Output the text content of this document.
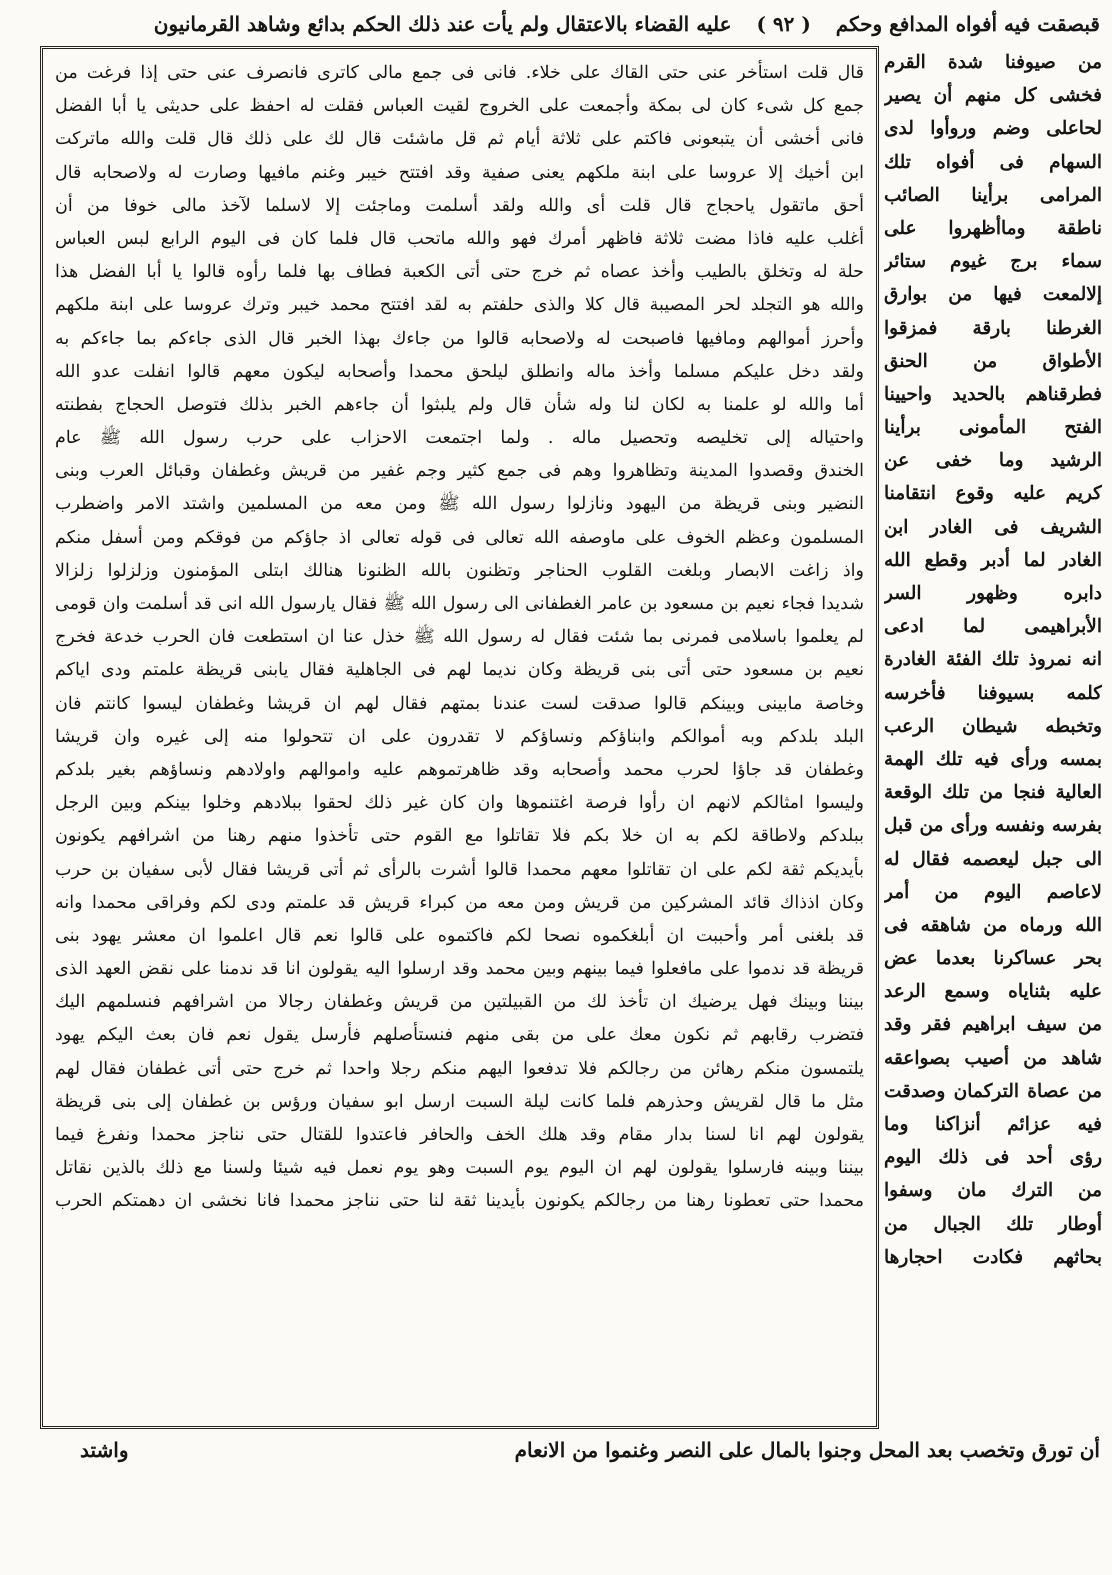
قبصقت فيه أفواه المدافع وحكم ( ٩٢ ) عليه القضاء بالاعتقال ولم يأت عند ذلك الحكم بدائع وشاهد القرمانيون
قال قلت استأخر عنى حتى القاك على خلاء. فانى فى جمع مالى كاترى فانصرف عنى حتى إذا فرغت من
جمع كل شىء كان لى بمكة وأجمعت على الخروج لقيت العباس فقلت له احفظ على حديثى يا أبا الفضل
فانى أخشى أن يتبعونى فاكتم على ثلاثة أيام ثم قل ماشئت قال لك على ذلك قال قلت والله ماتركت
ابن أخيك إلا عروسا على ابنة ملكهم يعنى صفية وقد افتتح خيبر وغنم مافيها وصارت له ولاصحابه قال
أحق ماتقول ياحجاج قال قلت أى والله ولقد أسلمت وماجئت إلا لاسلما لآخذ مالى خوفا من أن
أغلب عليه فاذا مضت ثلاثة فاظهر أمرك فهو والله ماتحب قال فلما كان فى اليوم الرابع لبس العباس
حلة له وتخلق بالطيب وأخذ عصاه ثم خرج حتى أتى الكعبة فطاف بها فلما رأوه قالوا يا أبا الفضل هذا
والله هو التجلد لحر المصيبة قال كلا والذى حلفتم به لقد افتتح محمد خيبر وترك عروسا على ابنة ملكهم
وأحرز أموالهم ومافيها فاصبحت له ولاصحابه قالوا من جاءك بهذا الخبر قال الذى جاءكم بما جاءكم به
ولقد دخل عليكم مسلما وأخذ ماله وانطلق ليلحق محمدا وأصحابه ليكون معهم قالوا انفلت عدو الله
أما والله لو علمنا به لكان لنا وله شأن قال ولم يلبثوا أن جاءهم الخبر بذلك فتوصل الحجاج بفطنته
واحتياله إلى تخليصه وتحصيل ماله . ولما اجتمعت الاحزاب على حرب رسول الله ﷺ عام
الخندق وقصدوا المدينة وتظاهروا وهم فى جمع كثير وجم غفير من قريش وغطفان وقبائل العرب وبنى
النضير وبنى قريظة من اليهود ونازلوا رسول الله ﷺ ومن معه من المسلمين واشتد الامر واضطرب
المسلمون وعظم الخوف على ماوصفه الله تعالى فى قوله تعالى اذ جاؤكم من فوقكم ومن أسفل منكم
واذ زاغت الابصار وبلغت القلوب الحناجر وتظنون بالله الظنونا هنالك ابتلى المؤمنون وزلزلوا زلزالا
شديدا فجاء نعيم بن مسعود بن عامر الغطفانى الى رسول الله ﷺ فقال يارسول الله انى قد أسلمت وان قومى
لم يعلموا باسلامى فمرنى بما شئت فقال له رسول الله ﷺ خذل عنا ان استطعت فان الحرب خدعة فخرج
نعيم بن مسعود حتى أتى بنى قريظة وكان نديما لهم فى الجاهلية فقال يابنى قريظة علمتم ودى اياكم
وخاصة مابينى وبينكم قالوا صدقت لست عندنا بمتهم فقال لهم ان قريشا وغطفان ليسوا كانتم فان
البلد بلدكم وبه أموالكم وابناؤكم ونساؤكم لا تقدرون على ان تتحولوا منه إلى غيره وان قريشا
وغطفان قد جاؤا لحرب محمد وأصحابه وقد ظاهرتموهم عليه واموالهم واولادهم ونساؤهم بغير بلدكم
وليسوا امثالكم لانهم ان رأوا فرصة اغتنموها وان كان غير ذلك لحقوا ببلادهم وخلوا بينكم وبين الرجل
ببلدكم ولاطاقة لكم به ان خلا بكم فلا تقاتلوا مع القوم حتى تأخذوا منهم رهنا من اشرافهم يكونون
بأيديكم ثقة لكم على ان تقاتلوا معهم محمدا قالوا أشرت بالرأى ثم أتى قريشا فقال لأبى سفيان بن حرب
وكان اذذاك قائد المشركين من قريش ومن معه من كبراء قريش قد علمتم ودى لكم وفراقى محمدا وانه
قد بلغنى أمر وأحببت ان أبلغكموه نصحا لكم فاكتموه على قالوا نعم قال اعلموا ان معشر يهود بنى
قريظة قد ندموا على مافعلوا فيما بينهم وبين محمد وقد ارسلوا اليه يقولون انا قد ندمنا على نقض العهد الذى
بيننا وبينك فهل يرضيك ان تأخذ لك من القبيلتين من قريش وغطفان رجالا من اشرافهم فنسلمهم اليك
فتضرب رقابهم ثم نكون معك على من بقى منهم فنستأصلهم فأرسل يقول نعم فان بعث اليكم يهود
يلتمسون منكم رهائن من رجالكم فلا تدفعوا اليهم منكم رجلا واحدا ثم خرج حتى أتى غطفان فقال لهم
مثل ما قال لقريش وحذرهم فلما كانت ليلة السبت ارسل ابو سفيان ورؤس بن غطفان إلى بنى قريظة
يقولون لهم انا لسنا بدار مقام وقد هلك الخف والحافر فاعتدوا للقتال حتى نناجز محمدا ونفرغ فيما
بيننا وبينه فارسلوا يقولون لهم ان اليوم يوم السبت وهو يوم نعمل فيه شيئا ولسنا مع ذلك بالذين نقاتل
محمدا حتى تعطونا رهنا من رجالكم يكونون بأيدينا ثقة لنا حتى نناجز محمدا فانا نخشى ان دهمتكم الحرب
من صيوفنا شدة القرم
فخشى كل منهم أن يصير
لحاعلى وضم وروأوا لدى
السهام فى أفواه تلك
المرامى برأينا الصائب
ناطقة وماأظهروا على
سماء برج غيوم ستائر
إلالمعت فيها من بوارق
الغرطنا بارقة فمزقوا
الأطواق من الحنق
فطرقناهم بالحديد واحيينا
الفتح المأمونى برأينا
الرشيد وما خفى عن
كريم عليه وقوع انتقامنا
الشريف فى الغادر ابن
الغادر لما أدبر وقطع الله
دابره وظهور السر
الأبراهيمى لما ادعى
انه نمروذ تلك الفئة الغادرة
كلمه بسيوفنا فأخرسه
وتخبطه شيطان الرعب
بمسه ورأى فيه تلك الهمة
العالية فنجا من تلك الوقعة
بفرسه ونفسه ورأى من قبل
الى جبل ليعصمه فقال له
لاعاصم اليوم من أمر
الله ورماه من شاهقه فى
بحر عساكرنا بعدما عض
عليه بثناياه وسمع الرعد
من سيف ابراهيم فقر وقد
شاهد من أصيب بصواعقه
من عصاة التركمان وصدقت
فيه عزائم أنزاكنا وما
رؤى أحد فى ذلك اليوم
من الترك مان وسفوا
أوطار تلك الجبال من
بحاثهم فكادت احجارها
أن تورق وتخصب بعد المحل وجنوا بالمال على النصر وغنموا من الانعام
واشتد
